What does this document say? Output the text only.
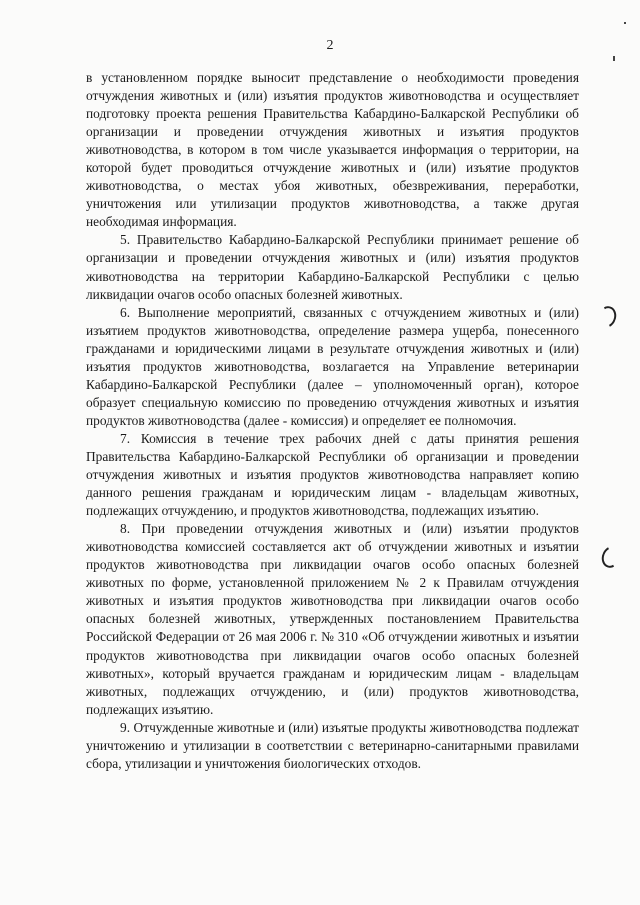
2

в установленном порядке выносит представление о необходимости проведения отчуждения животных и (или) изъятия продуктов животноводства и осуществляет подготовку проекта решения Правительства Кабардино-Балкарской Республики об организации и проведении отчуждения животных и изъятия продуктов животноводства, в котором в том числе указывается информация о территории, на которой будет проводиться отчуждение животных и (или) изъятие продуктов животноводства, о местах убоя животных, обезвреживания, переработки, уничтожения или утилизации продуктов животноводства, а также другая необходимая информация.

5. Правительство Кабардино-Балкарской Республики принимает решение об организации и проведении отчуждения животных и (или) изъятия продуктов животноводства на территории Кабардино-Балкарской Республики с целью ликвидации очагов особо опасных болезней животных.

6. Выполнение мероприятий, связанных с отчуждением животных и (или) изъятием продуктов животноводства, определение размера ущерба, понесенного гражданами и юридическими лицами в результате отчуждения животных и (или) изъятия продуктов животноводства, возлагается на Управление ветеринарии Кабардино-Балкарской Республики (далее – уполномоченный орган), которое образует специальную комиссию по проведению отчуждения животных и изъятия продуктов животноводства (далее - комиссия) и определяет ее полномочия.

7. Комиссия в течение трех рабочих дней с даты принятия решения Правительства Кабардино-Балкарской Республики об организации и проведении отчуждения животных и изъятия продуктов животноводства направляет копию данного решения гражданам и юридическим лицам - владельцам животных, подлежащих отчуждению, и продуктов животноводства, подлежащих изъятию.

8. При проведении отчуждения животных и (или) изъятии продуктов животноводства комиссией составляется акт об отчуждении животных и изъятии продуктов животноводства при ликвидации очагов особо опасных болезней животных по форме, установленной приложением № 2 к Правилам отчуждения животных и изъятия продуктов животноводства при ликвидации очагов особо опасных болезней животных, утвержденных постановлением Правительства Российской Федерации от 26 мая 2006 г. № 310 «Об отчуждении животных и изъятии продуктов животноводства при ликвидации очагов особо опасных болезней животных», который вручается гражданам и юридическим лицам - владельцам животных, подлежащих отчуждению, и (или) продуктов животноводства, подлежащих изъятию.

9. Отчужденные животные и (или) изъятые продукты животноводства подлежат уничтожению и утилизации в соответствии с ветеринарно-санитарными правилами сбора, утилизации и уничтожения биологических отходов.
